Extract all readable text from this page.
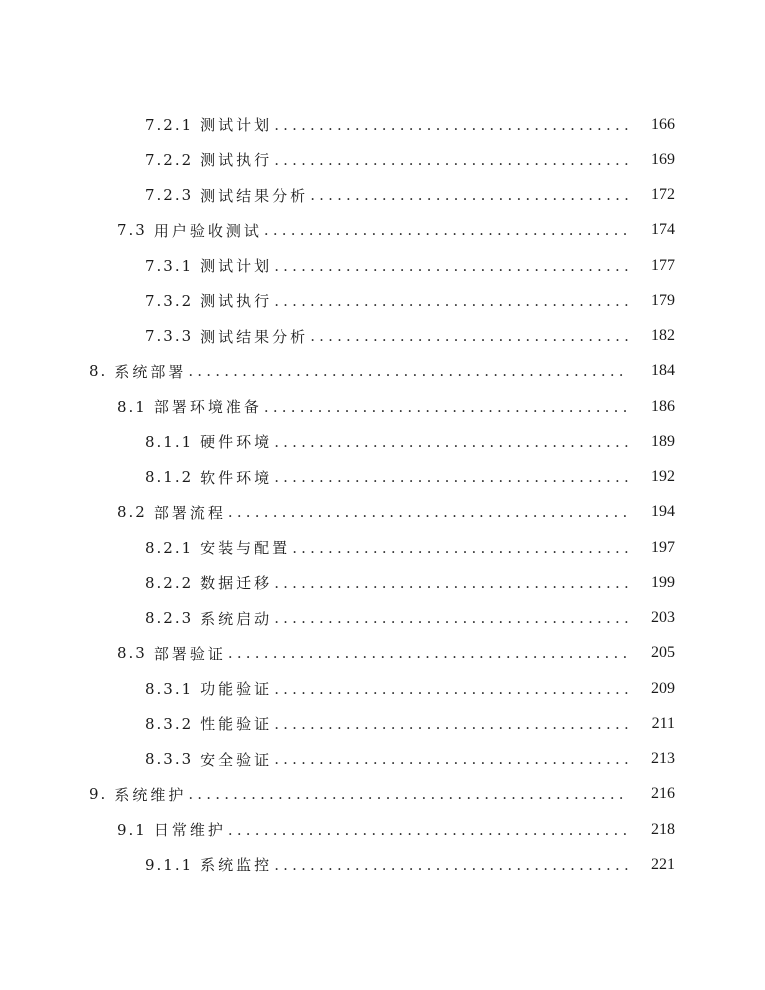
7.2.1 测试计划 .....	166
7.2.2 测试执行 .....	169
7.2.3 测试结果分析 .....	172
7.3 用户验收测试 .....	174
7.3.1 测试计划 .....	177
7.3.2 测试执行 .....	179
7.3.3 测试结果分析 .....	182
8. 系统部署 .....	184
8.1 部署环境准备 .....	186
8.1.1 硬件环境 .....	189
8.1.2 软件环境 .....	192
8.2 部署流程 .....	194
8.2.1 安装与配置 .....	197
8.2.2 数据迁移 .....	199
8.2.3 系统启动 .....	203
8.3 部署验证 .....	205
8.3.1 功能验证 .....	209
8.3.2 性能验证 .....	211
8.3.3 安全验证 .....	213
9. 系统维护 .....	216
9.1 日常维护 .....	218
9.1.1 系统监控 .....	221
